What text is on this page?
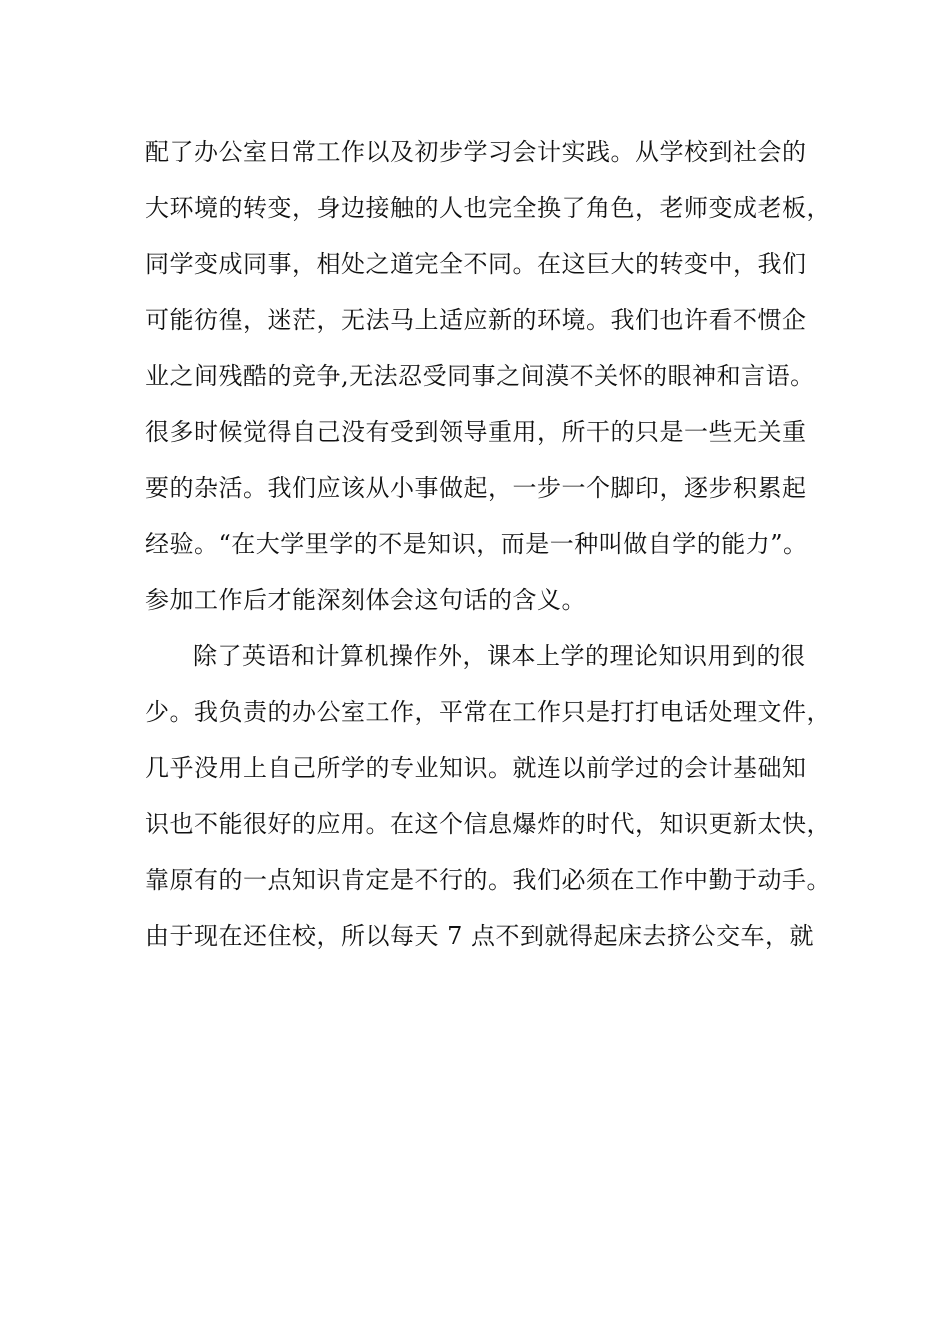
配了办公室日常工作以及初步学习会计实践。从学校到社会的
大环境的转变，身边接触的人也完全换了角色，老师变成老板，
同学变成同事，相处之道完全不同。在这巨大的转变中，我们
可能彷徨，迷茫，无法马上适应新的环境。我们也许看不惯企
业之间残酷的竞争,无法忍受同事之间漠不关怀的眼神和言语。
很多时候觉得自己没有受到领导重用，所干的只是一些无关重
要的杂活。我们应该从小事做起，一步一个脚印，逐步积累起
经验。“在大学里学的不是知识，而是一种叫做自学的能力”。
参加工作后才能深刻体会这句话的含义。
除了英语和计算机操作外，课本上学的理论知识用到的很
少。我负责的办公室工作，平常在工作只是打打电话处理文件，
几乎没用上自己所学的专业知识。就连以前学过的会计基础知
识也不能很好的应用。在这个信息爆炸的时代，知识更新太快，
靠原有的一点知识肯定是不行的。我们必须在工作中勤于动手。
由于现在还住校，所以每天 7 点不到就得起床去挤公交车，就
